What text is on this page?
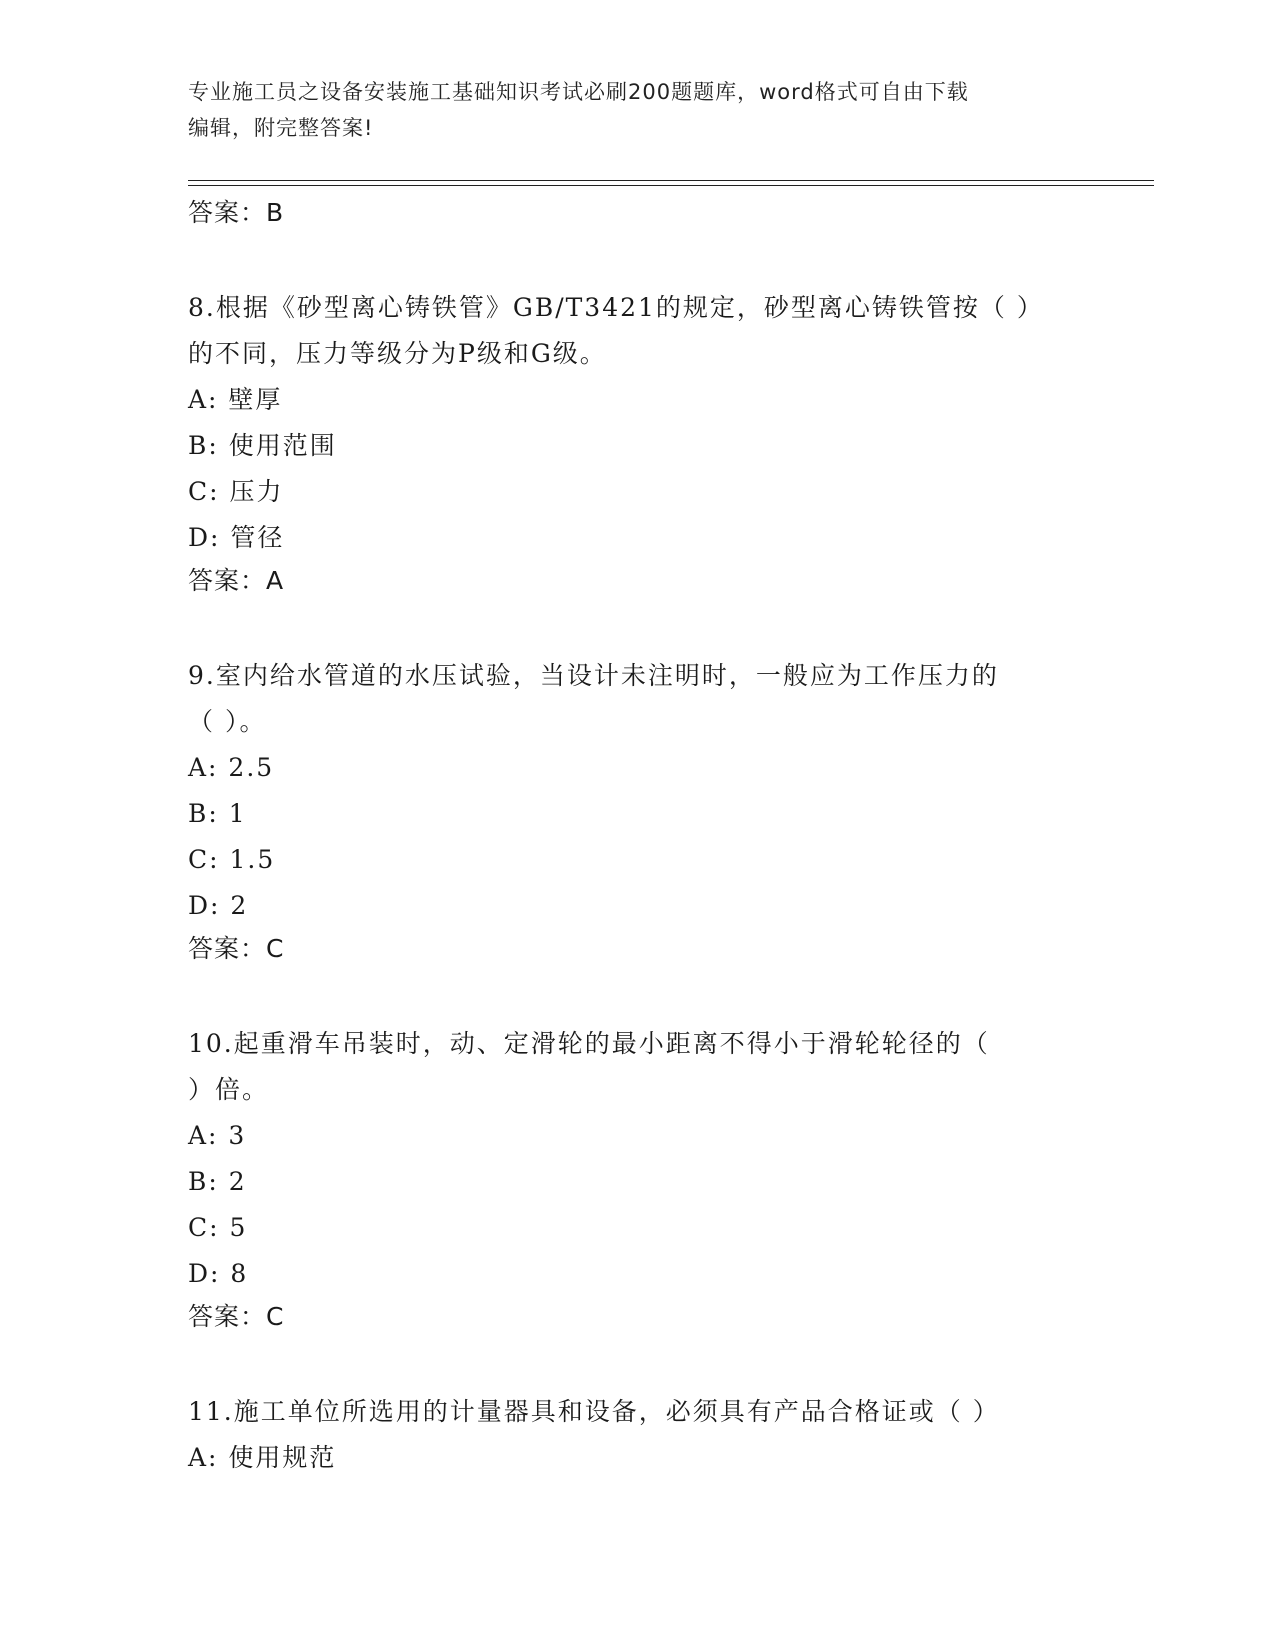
专业施工员之设备安装施工基础知识考试必刷200题题库，word格式可自由下载
编辑，附完整答案!
答案：B
8.根据《砂型离心铸铁管》GB/T3421的规定，砂型离心铸铁管按（ ）
的不同，压力等级分为P级和G级。
A: 壁厚
B: 使用范围
C: 压力
D: 管径
答案：A
9.室内给水管道的水压试验，当设计未注明时，一般应为工作压力的
（ ）。
A: 2.5
B: 1
C: 1.5
D: 2
答案：C
10.起重滑车吊装时，动、定滑轮的最小距离不得小于滑轮轮径的（
）倍。
A: 3
B: 2
C: 5
D: 8
答案：C
11.施工单位所选用的计量器具和设备，必须具有产品合格证或（ ）
A: 使用规范
